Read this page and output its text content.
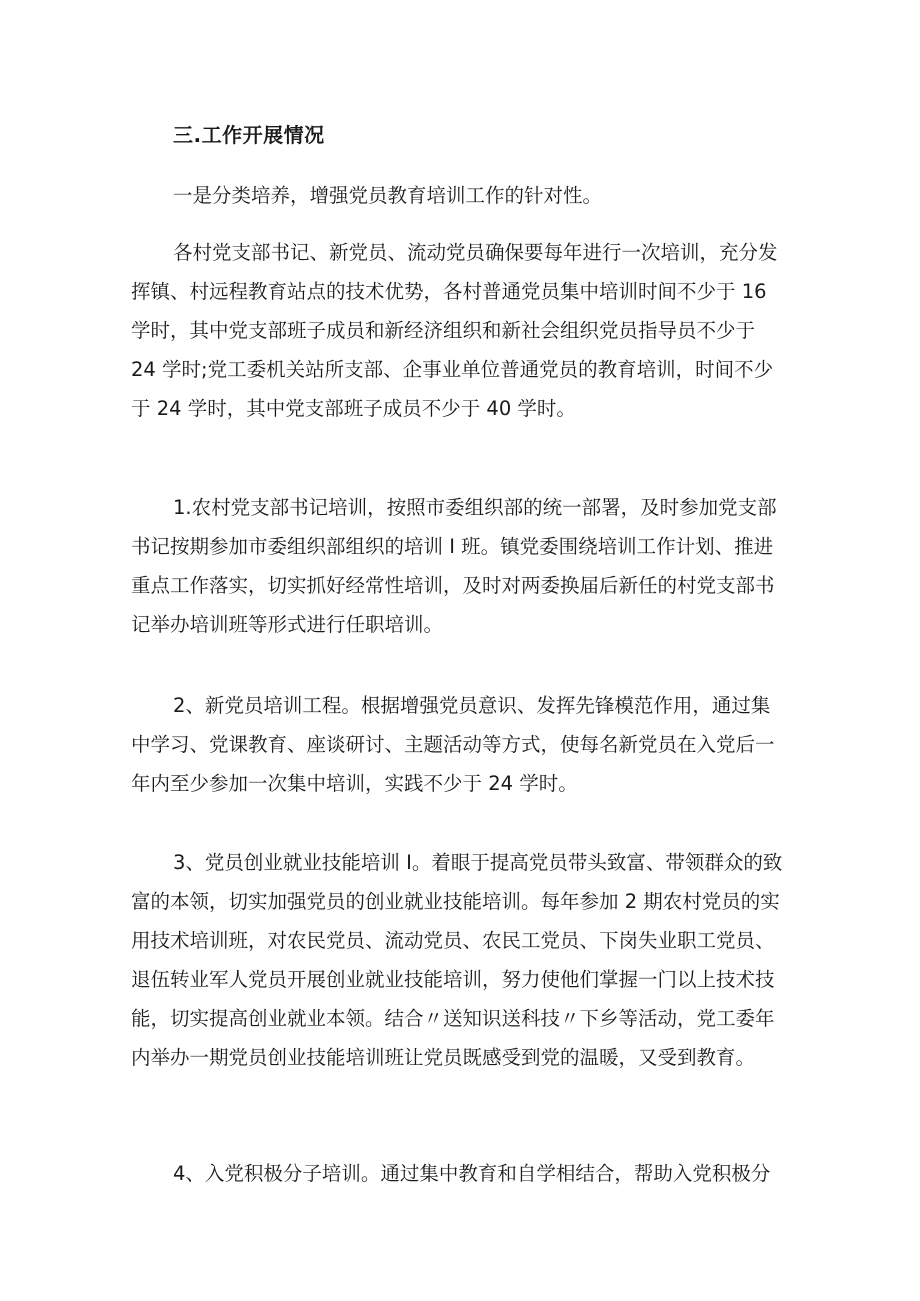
三.工作开展情况
一是分类培养，增强党员教育培训工作的针对性。
各村党支部书记、新党员、流动党员确保要每年进行一次培训，充分发
挥镇、村远程教育站点的技术优势，各村普通党员集中培训时间不少于 16
学时，其中党支部班子成员和新经济组织和新社会组织党员指导员不少于
24 学时;党工委机关站所支部、企事业单位普通党员的教育培训，时间不少
于 24 学时，其中党支部班子成员不少于 40 学时。
1.农村党支部书记培训，按照市委组织部的统一部署，及时参加党支部
书记按期参加市委组织部组织的培训 I 班。镇党委围绕培训工作计划、推进
重点工作落实，切实抓好经常性培训，及时对两委换届后新任的村党支部书
记举办培训班等形式进行任职培训。
2、新党员培训工程。根据增强党员意识、发挥先锋模范作用，通过集
中学习、党课教育、座谈研讨、主题活动等方式，使每名新党员在入党后一
年内至少参加一次集中培训，实践不少于 24 学时。
3、党员创业就业技能培训 I。着眼于提高党员带头致富、带领群众的致
富的本领，切实加强党员的创业就业技能培训。每年参加 2 期农村党员的实
用技术培训班，对农民党员、流动党员、农民工党员、下岗失业职工党员、
退伍转业军人党员开展创业就业技能培训，努力使他们掌握一门以上技术技
能，切实提高创业就业本领。结合〃送知识送科技〃下乡等活动，党工委年
内举办一期党员创业技能培训班让党员既感受到党的温暖，又受到教育。
4、入党积极分子培训。通过集中教育和自学相结合，帮助入党积极分
